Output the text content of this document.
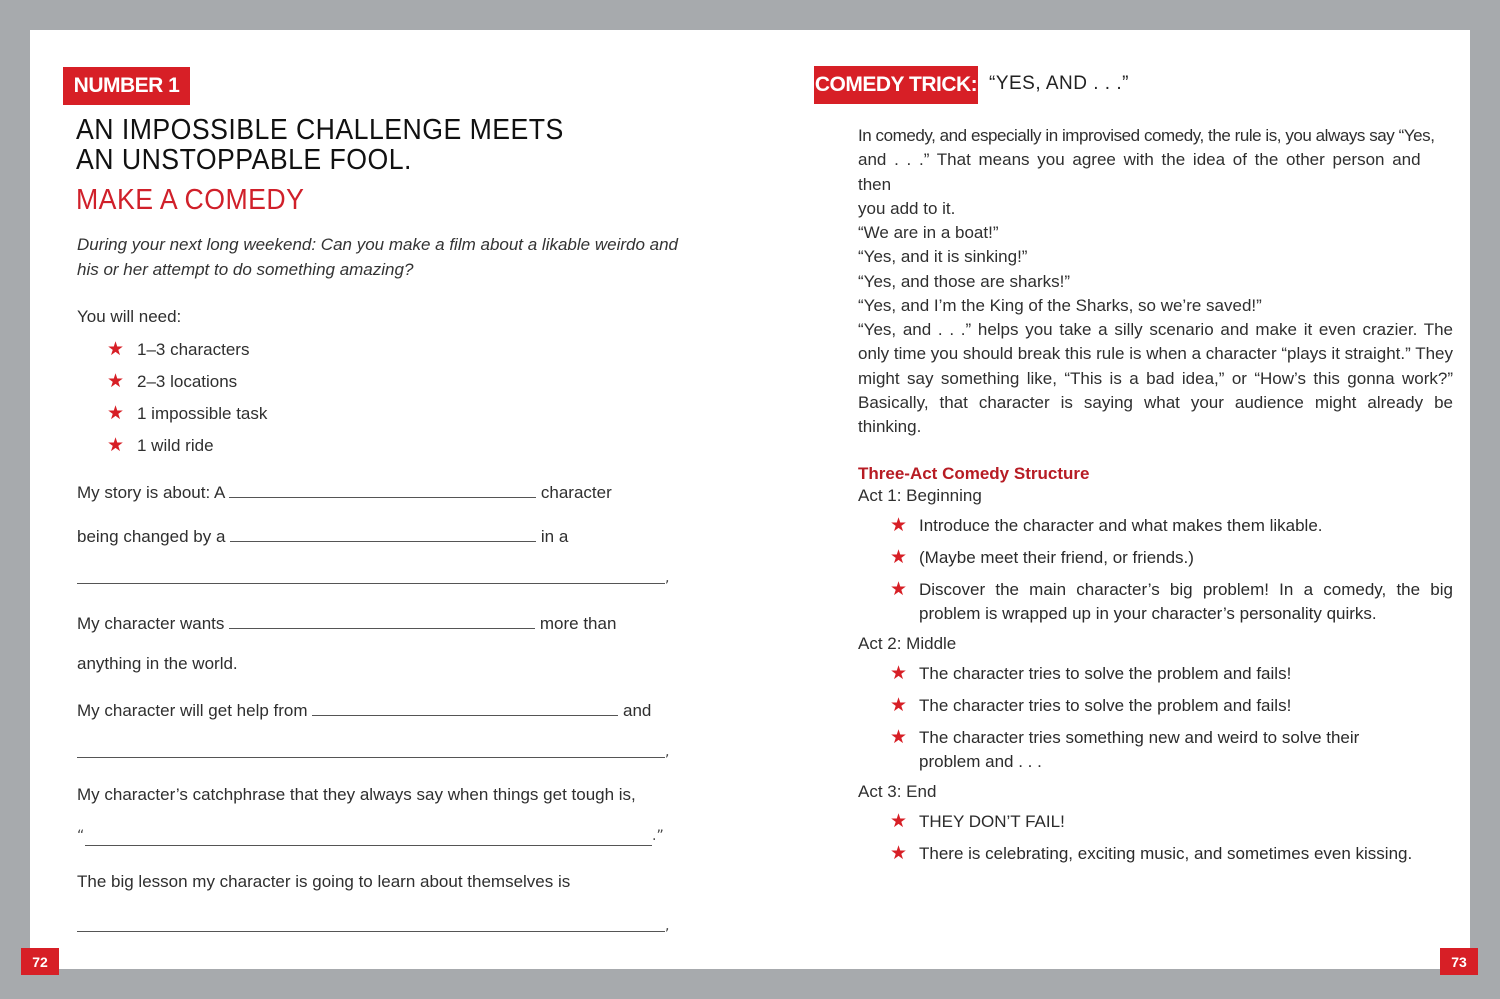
NUMBER 1
AN IMPOSSIBLE CHALLENGE MEETS AN UNSTOPPABLE FOOL.
MAKE A COMEDY
During your next long weekend: Can you make a film about a likable weirdo and his or her attempt to do something amazing?
You will need:
★ 1–3 characters
★ 2–3 locations
★ 1 impossible task
★ 1 wild ride
My story is about: A	character
being changed by a	in a
,
My character wants	more than
anything in the world.
My character will get help from	and
,
My character’s catchphrase that they always say when things get tough is,
“	.”
The big lesson my character is going to learn about themselves is
,
COMEDY TRICK: “YES, AND . . .”
In comedy, and especially in improvised comedy, the rule is, you always say “Yes,
and . . .” That means you agree with the idea of the other person and then
you add to it.
“We are in a boat!”
“Yes, and it is sinking!”
“Yes, and those are sharks!”
“Yes, and I’m the King of the Sharks, so we’re saved!”
“Yes, and . . .” helps you take a silly scenario and make it even crazier. The only time you should break this rule is when a character “plays it straight.” They might say something like, “This is a bad idea,” or “How’s this gonna work?” Basically, that character is saying what your audience might already be thinking.
Three-Act Comedy Structure
Act 1: Beginning
★ Introduce the character and what makes them likable.
★ (Maybe meet their friend, or friends.)
★ Discover the main character’s big problem! In a comedy, the big problem is wrapped up in your character’s personality quirks.
Act 2: Middle
★ The character tries to solve the problem and fails!
★ The character tries to solve the problem and fails!
★ The character tries something new and weird to solve their problem and . . .
Act 3: End
★ THEY DON’T FAIL!
★ There is celebrating, exciting music, and sometimes even kissing.
72	73
